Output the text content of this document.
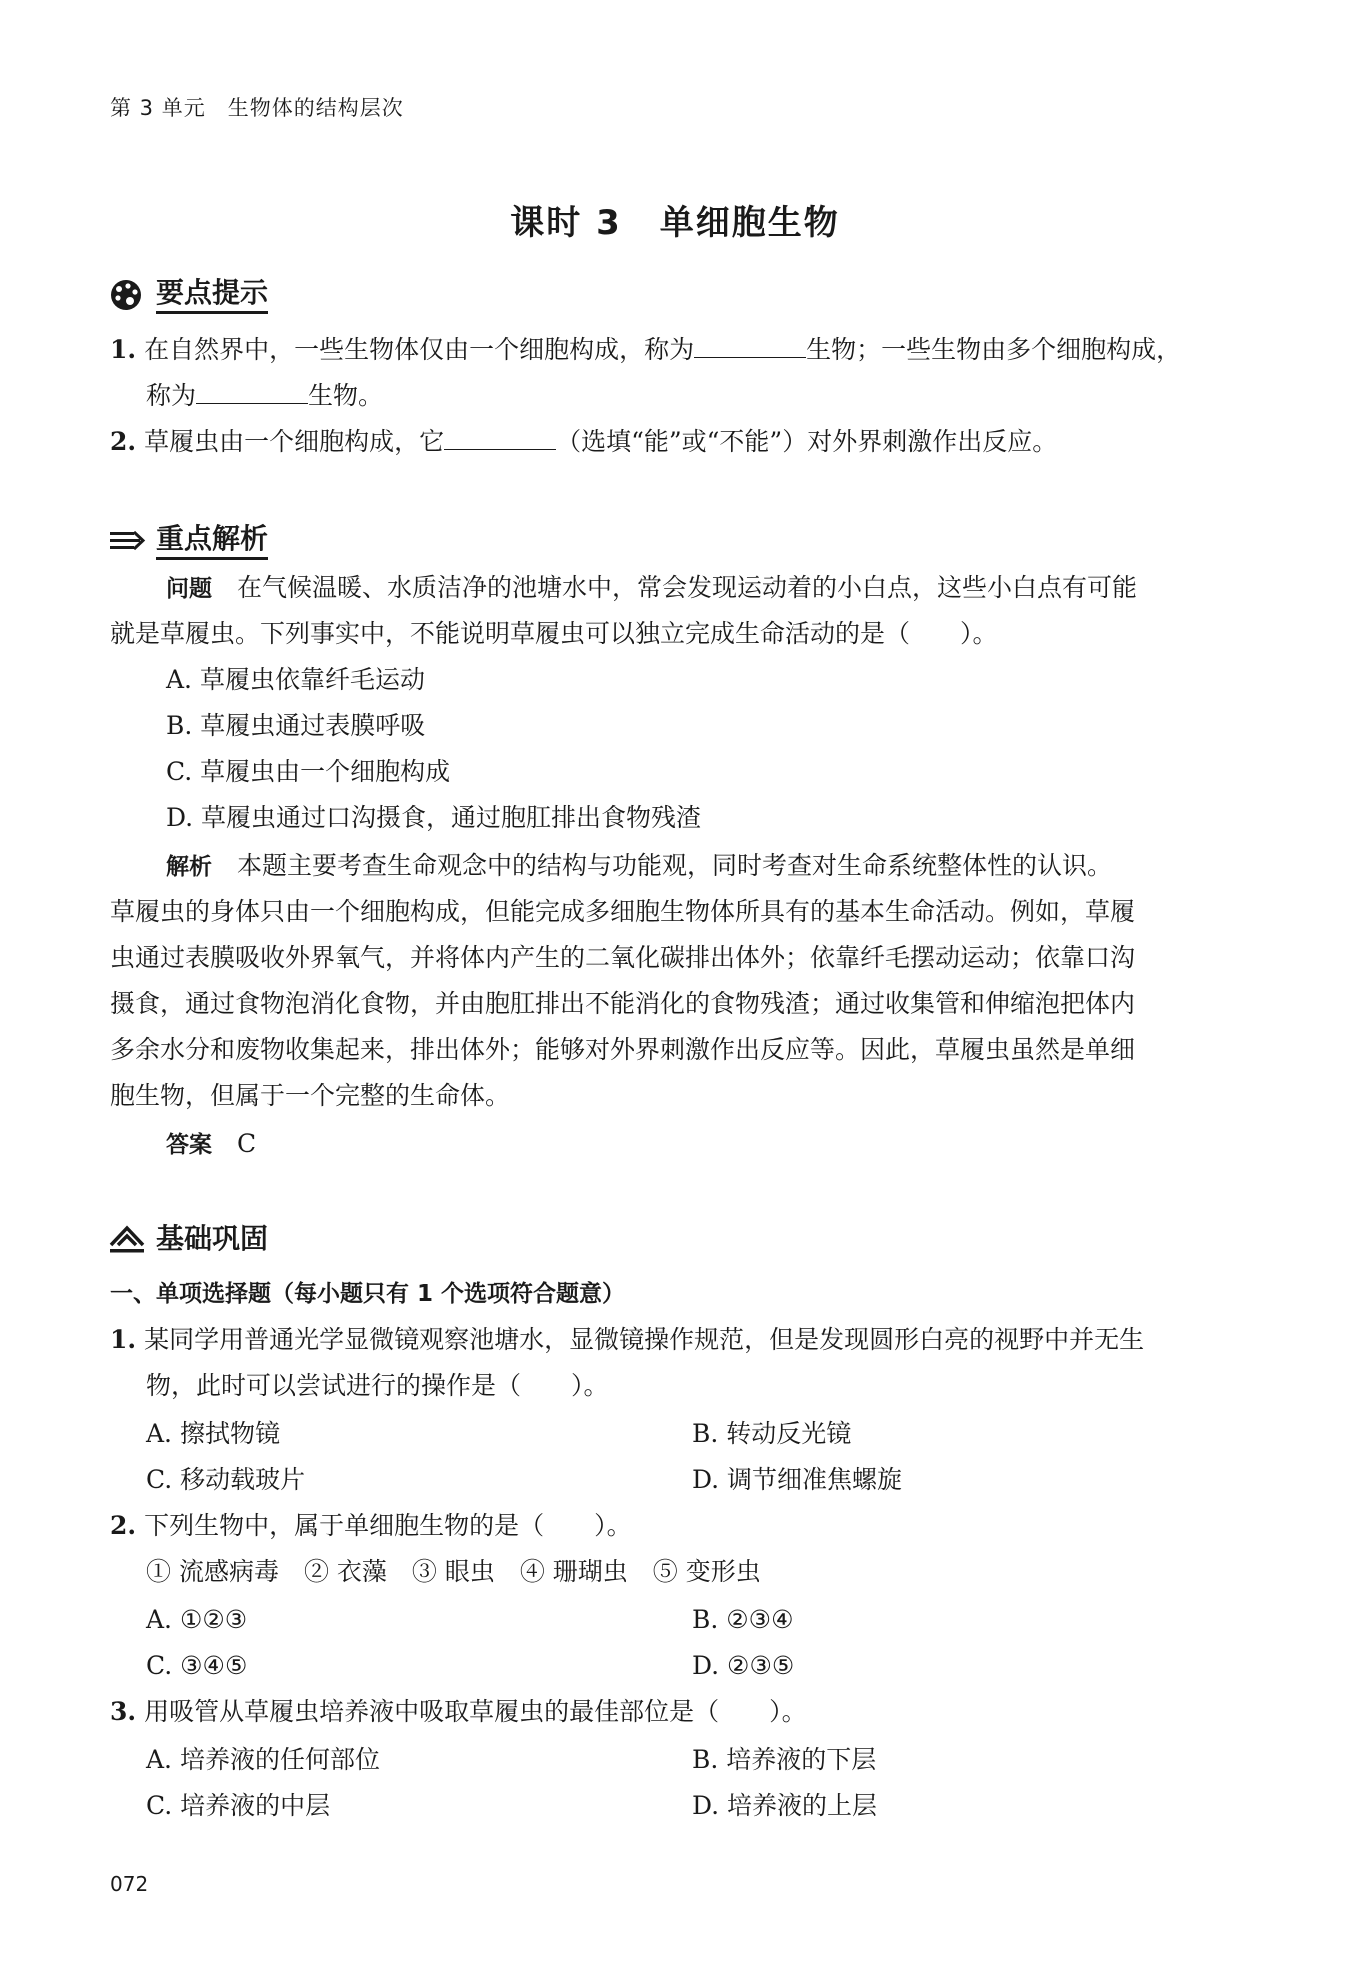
第 3 单元　生物体的结构层次
课时 3 单细胞生物
要点提示
1. 在自然界中，一些生物体仅由一个细胞构成，称为	生物；一些生物由多个细胞构成，
称为	生物。
2. 草履虫由一个细胞构成，它	（选填“能”或“不能”）对外界刺激作出反应。
重点解析
问题　 在气候温暖、水质洁净的池塘水中，常会发现运动着的小白点，这些小白点有可能
就是草履虫。下列事实中，不能说明草履虫可以独立完成生命活动的是（　　）。
A. 草履虫依靠纤毛运动
B. 草履虫通过表膜呼吸
C. 草履虫由一个细胞构成
D. 草履虫通过口沟摄食，通过胞肛排出食物残渣
解析　 本题主要考查生命观念中的结构与功能观，同时考查对生命系统整体性的认识。
草履虫的身体只由一个细胞构成，但能完成多细胞生物体所具有的基本生命活动。例如，草履
虫通过表膜吸收外界氧气，并将体内产生的二氧化碳排出体外；依靠纤毛摆动运动；依靠口沟
摄食，通过食物泡消化食物，并由胞肛排出不能消化的食物残渣；通过收集管和伸缩泡把体内
多余水分和废物收集起来，排出体外；能够对外界刺激作出反应等。因此，草履虫虽然是单细
胞生物，但属于一个完整的生命体。
答案　 C
基础巩固
一、单项选择题（每小题只有 1 个选项符合题意）
1. 某同学用普通光学显微镜观察池塘水，显微镜操作规范，但是发现圆形白亮的视野中并无生
物，此时可以尝试进行的操作是（　　）。
A. 擦拭物镜	B. 转动反光镜
C. 移动载玻片	D. 调节细准焦螺旋
2. 下列生物中，属于单细胞生物的是（　　）。
① 流感病毒　② 衣藻　③ 眼虫　④ 珊瑚虫　⑤ 变形虫
A. ①②③	B. ②③④
C. ③④⑤	D. ②③⑤
3. 用吸管从草履虫培养液中吸取草履虫的最佳部位是（　　）。
A. 培养液的任何部位	B. 培养液的下层
C. 培养液的中层	D. 培养液的上层
072
